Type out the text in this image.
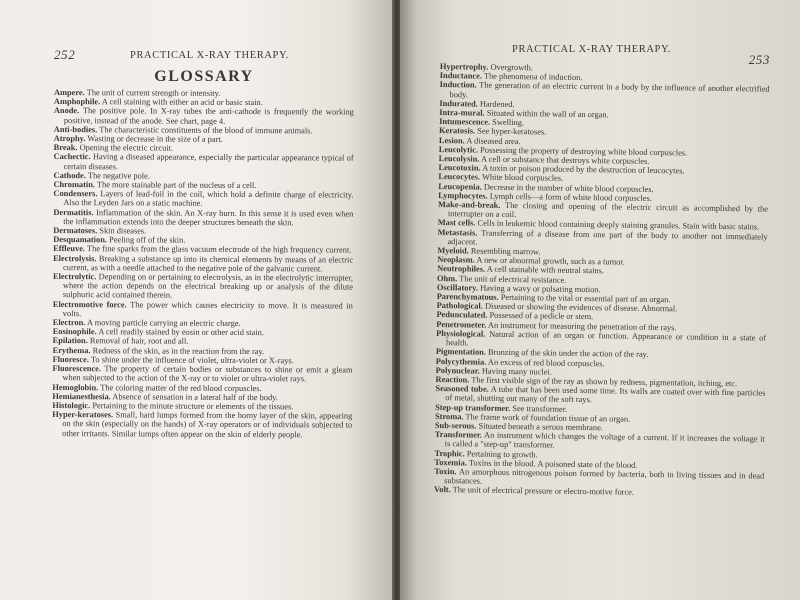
252	PRACTICAL X-RAY THERAPY.
GLOSSARY

Ampere. The unit of current strength or intensity.

Amphophile. A cell staining with either an acid or basic stain.

Anode. The positive pole. In X-ray tubes the anti-cathode is frequently the working positive, instead of the anode. See chart, page 4.

Anti-bodies. The characteristic constituents of the blood of immune animals.

Atrophy. Wasting or decrease in the size of a part.

Break. Opening the electric circuit.

Cachectic. Having a diseased appearance, especially the particular appearance typical of certain diseases.

Cathode. The negative pole.

Chromatin. The more stainable part of the nucleus of a cell.

Condensers. Layers of lead-foil in the coil, which hold a definite charge of electricity. Also the Leyden Jars on a static machine.

Dermatitis. Inflammation of the skin. An X-ray burn. In this sense it is used even when the inflammation extends into the deeper structures beneath the skin.

Dermatoses. Skin diseases.

Desquamation. Peeling off of the skin.

Effleuve. The fine sparks from the glass vacuum electrode of the high frequency current.

Electrolysis. Breaking a substance up into its chemical elements by means of an electric current, as with a needle attached to the negative pole of the galvanic current.

Electrolytic. Depending on or pertaining to electrolysis, as in the electrolytic interrupter, where the action depends on the electrical breaking up or analysis of the dilute sulphuric acid contained therein.

Electromotive force. The power which causes electricity to move. It is measured in volts.

Electron. A moving particle carrying an electric charge.

Eosinophile. A cell readily stained by eosin or other acid stain.

Epilation. Removal of hair, root and all.

Erythema. Redness of the skin, as in the reaction from the ray.

Fluoresce. To shine under the influence of violet, ultra-violet or X-rays.

Fluorescence. The property of certain bodies or substances to shine or emit a gleam when subjected to the action of the X-ray or to violet or ultra-violet rays.

Hemoglobin. The coloring matter of the red blood corpuscles.

Hemianesthesia. Absence of sensation in a lateral half of the body.

Histologic. Pertaining to the minute structure or elements of the tissues.

Hyper-keratoses. Small, hard lumps formed from the horny layer of the skin, appearing on the skin (especially on the hands) of X-ray operators or of individuals subjected to other irritants. Similar lumps often appear on the skin of elderly people.

PRACTICAL X-RAY THERAPY.
253

Hypertrophy. Overgrowth.

Inductance. The phenomena of induction.

Induction. The generation of an electric current in a body by the influence of another electrified body.

Indurated. Hardened.

Intra-mural. Situated within the wall of an organ.

Intumescence. Swelling.

Keratosis. See hyper-keratoses.

Lesion. A diseased area.

Leucolytic. Possessing the property of destroying white blood corpuscles.

Leucolysin. A cell or substance that destroys white corpuscles.

Leucotoxin. A toxin or poison produced by the destruction of leucocytes.

Leucocytes. White blood corpuscles.

Leucopenia. Decrease in the number of white blood corpuscles.

Lymphocytes. Lymph cells—a form of white blood corpuscles.

Make-and-break. The closing and opening of the electric circuit as accomplished by the interrupter on a coil.

Mast cells. Cells in leukemic blood containing deeply staining granules. Stain with basic stains.

Metastasis. Transferring of a disease from one part of the body to another not immediately adjacent.

Myeloid. Resembling marrow.

Neoplasm. A new or abnormal growth, such as a tumor.

Neutrophiles. A cell stainable with neutral stains.

Ohm. The unit of electrical resistance.

Oscillatory. Having a wavy or pulsating motion.

Parenchymatous. Pertaining to the vital or essential part of an organ.

Pathological. Diseased or showing the evidences of disease. Abnormal.

Pedunculated. Possessed of a pedicle or stem.

Penetrometer. An instrument for measuring the penetration of the rays.

Physiological. Natural action of an organ or function. Appearance or condition in a state of health.

Pigmentation. Bronzing of the skin under the action of the ray.

Polycythemia. An excess of red blood corpuscles.

Polynuclear. Having many nuclei.

Reaction. The first visible sign of the ray as shown by redness, pigmentation, itching, etc.

Seasoned tube. A tube that has been used some time. Its walls are coated over with fine particles of metal, shutting out many of the soft rays.

Step-up transformer. See transformer.

Stroma. The frame work of foundation tissue of an organ.

Sub-serous. Situated beneath a serous membrane.

Transformer. An instrument which changes the voltage of a current. If it increases the voltage it is called a "step-up" transformer.

Trophic. Pertaining to growth.

Toxemia. Toxins in the blood. A poisoned state of the blood.

Toxin. An amorphous nitrogenous poison formed by bacteria, both in living tissues and in dead substances.

Volt. The unit of electrical pressure or electro-motive force.
